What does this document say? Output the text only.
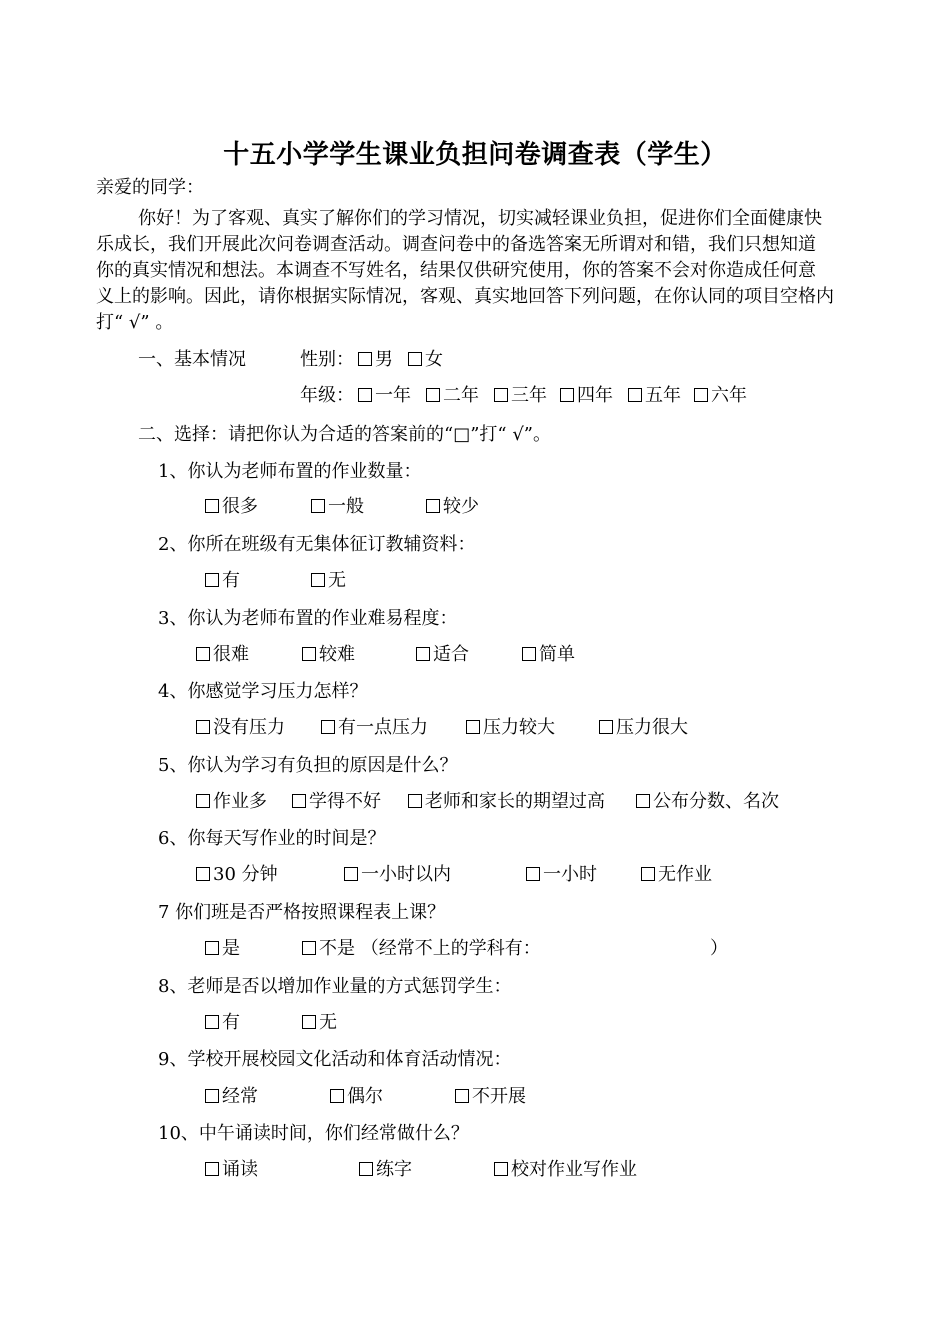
十五小学学生课业负担问卷调查表（学生）
亲爱的同学：
你好！为了客观、真实了解你们的学习情况，切实减轻课业负担，促进你们全面健康快
乐成长，我们开展此次问卷调查活动。调查问卷中的备选答案无所谓对和错，我们只想知道
你的真实情况和想法。本调查不写姓名，结果仅供研究使用，你的答案不会对你造成任何意
义上的影响。因此，请你根据实际情况，客观、真实地回答下列问题，在你认同的项目空格内
打“ √” 。
一、基本情况	性别：	男	女
年级：	一年	二年	三年	四年	五年	六年
二、选择：请把你认为合适的答案前的“□”打“ √”。
1、你认为老师布置的作业数量：
很多	一般	较少
2、你所在班级有无集体征订教辅资料：
有	无
3、你认为老师布置的作业难易程度：
很难	较难	适合	简单
4、你感觉学习压力怎样？
没有压力	有一点压力	压力较大	压力很大
5、你认为学习有负担的原因是什么？
作业多	学得不好	老师和家长的期望过高	公布分数、名次
6、你每天写作业的时间是？
30 分钟	一小时以内	一小时	无作业
7 你们班是否严格按照课程表上课？
是	不是 （经常不上的学科有：	）
8、老师是否以增加作业量的方式惩罚学生：
有	无
9、学校开展校园文化活动和体育活动情况：
经常	偶尔	不开展
10、中午诵读时间，你们经常做什么？
诵读	练字	校对作业写作业
